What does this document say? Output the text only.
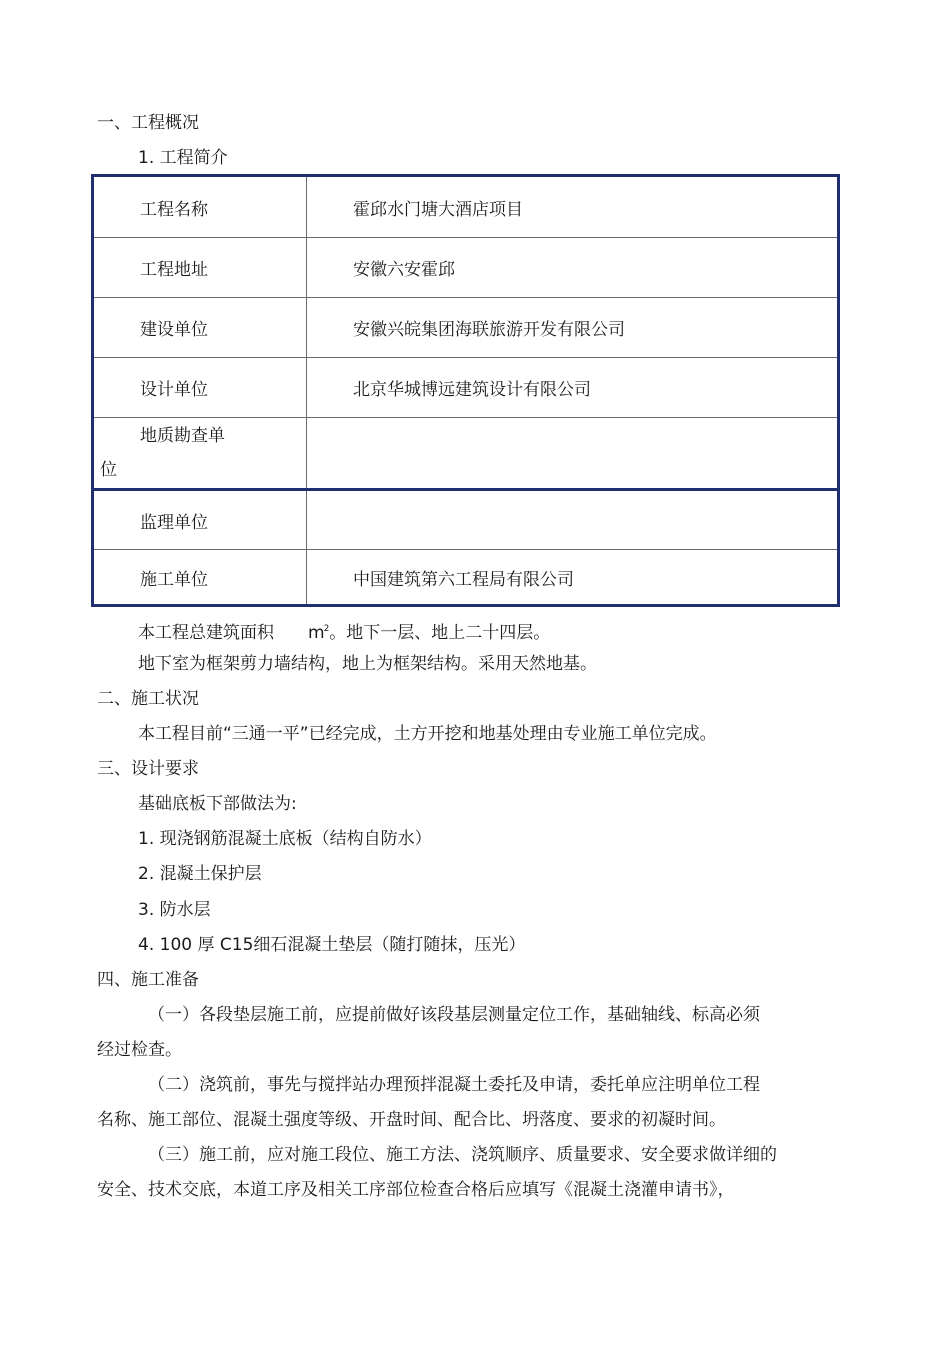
一、工程概况
1. 工程简介
工程名称	霍邱水门塘大酒店项目
工程地址	安徽六安霍邱
建设单位	安徽兴皖集团海联旅游开发有限公司
设计单位	北京华城博远建筑设计有限公司

地质勘查单
位	

监理单位	
施工单位	中国建筑第六工程局有限公司
本工程总建筑面积 $m^2$。地下一层、地上二十四层。
地下室为框架剪力墙结构，地上为框架结构。采用天然地基。
二、施工状况
本工程目前“三通一平”已经完成，土方开挖和地基处理由专业施工单位完成。
三、设计要求
基础底板下部做法为:
1. 现浇钢筋混凝土底板（结构自防水）
2. 混凝土保护层
3. 防水层
4. 100 厚 C15细石混凝土垫层（随打随抹，压光）
四、施工准备
（一）各段垫层施工前，应提前做好该段基层测量定位工作，基础轴线、标高必须
经过检查。
（二）浇筑前，事先与搅拌站办理预拌混凝土委托及申请，委托单应注明单位工程
名称、施工部位、混凝土强度等级、开盘时间、配合比、坍落度、要求的初凝时间。
（三）施工前，应对施工段位、施工方法、浇筑顺序、质量要求、安全要求做详细的
安全、技术交底，本道工序及相关工序部位检查合格后应填写《混凝土浇灌申请书》，
